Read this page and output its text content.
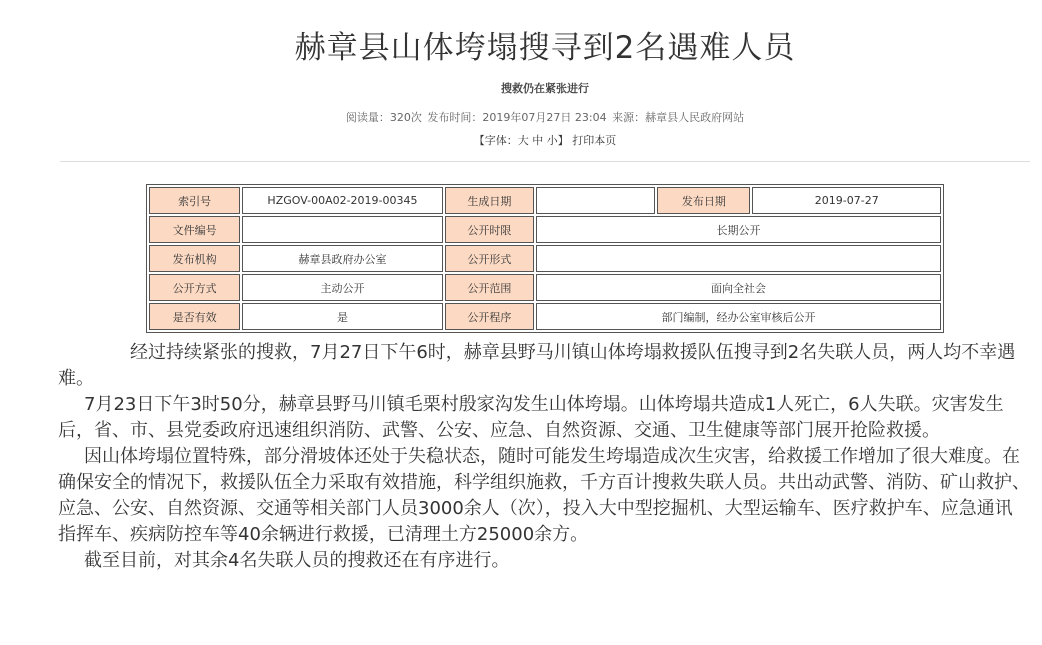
赫章县山体垮塌搜寻到2名遇难人员
搜救仍在紧张进行
阅读量：320次 发布时间：2019年07月27日 23:04 来源：赫章县人民政府网站
【字体：大 中 小】 打印本页
索引号	HZGOV-00A02-2019-00345	生成日期		发布日期	2019-07-27
文件编号		公开时限	长期公开		
发布机构	赫章县政府办公室	公开形式			
公开方式	主动公开	公开范围	面向全社会		
是否有效	是	公开程序	部门编制，经办公室审核后公开		

经过持续紧张的搜救，7月27日下午6时，赫章县野马川镇山体垮塌救援队伍搜寻到2名失联人员，两人均不幸遇难。

7月23日下午3时50分，赫章县野马川镇毛栗村殷家沟发生山体垮塌。山体垮塌共造成1人死亡，6人失联。灾害发生后，省、市、县党委政府迅速组织消防、武警、公安、应急、自然资源、交通、卫生健康等部门展开抢险救援。

因山体垮塌位置特殊，部分滑坡体还处于失稳状态，随时可能发生垮塌造成次生灾害，给救援工作增加了很大难度。在确保安全的情况下，救援队伍全力采取有效措施，科学组织施救，千方百计搜救失联人员。共出动武警、消防、矿山救护、应急、公安、自然资源、交通等相关部门人员3000余人（次），投入大中型挖掘机、大型运输车、医疗救护车、应急通讯指挥车、疾病防控车等40余辆进行救援，已清理土方25000余方。

截至目前，对其余4名失联人员的搜救还在有序进行。
